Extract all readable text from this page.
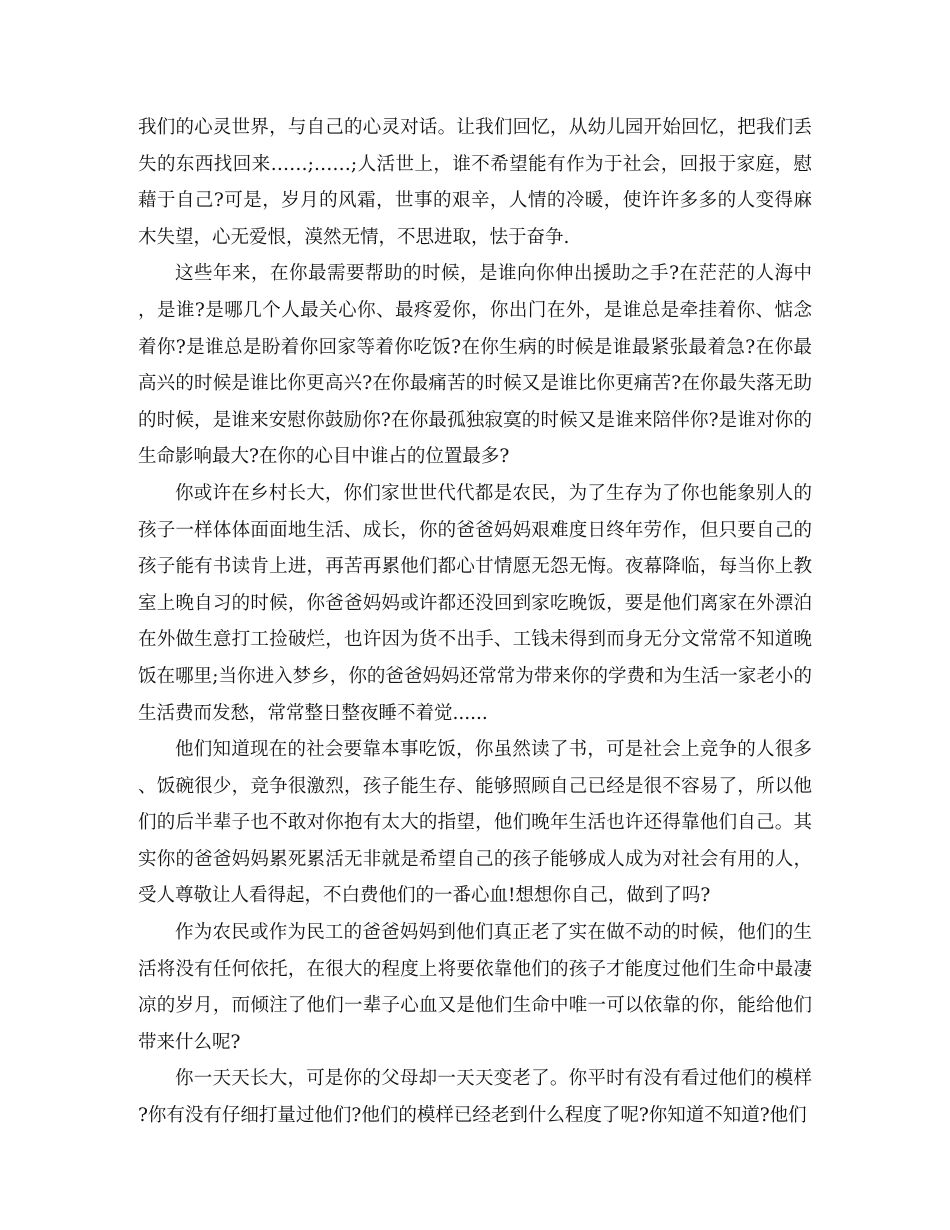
我们的心灵世界，与自己的心灵对话。让我们回忆，从幼儿园开始回忆，把我们丢失的东西找回来……;……;人活世上，谁不希望能有作为于社会，回报于家庭，慰藉于自己?可是，岁月的风霜，世事的艰辛，人情的冷暖，使许许多多的人变得麻木失望，心无爱恨，漠然无情，不思进取，怯于奋争.

这些年来，在你最需要帮助的时候，是谁向你伸出援助之手?在茫茫的人海中，是谁?是哪几个人最关心你、最疼爱你，你出门在外，是谁总是牵挂着你、惦念着你?是谁总是盼着你回家等着你吃饭?在你生病的时候是谁最紧张最着急?在你最高兴的时候是谁比你更高兴?在你最痛苦的时候又是谁比你更痛苦?在你最失落无助的时候，是谁来安慰你鼓励你?在你最孤独寂寞的时候又是谁来陪伴你?是谁对你的生命影响最大?在你的心目中谁占的位置最多?

你或许在乡村长大，你们家世世代代都是农民，为了生存为了你也能象别人的孩子一样体体面面地生活、成长，你的爸爸妈妈艰难度日终年劳作，但只要自己的孩子能有书读肯上进，再苦再累他们都心甘情愿无怨无悔。夜幕降临，每当你上教室上晚自习的时候，你爸爸妈妈或许都还没回到家吃晚饭，要是他们离家在外漂泊在外做生意打工捡破烂，也许因为货不出手、工钱未得到而身无分文常常不知道晚饭在哪里;当你进入梦乡，你的爸爸妈妈还常常为带来你的学费和为生活一家老小的生活费而发愁，常常整日整夜睡不着觉......

他们知道现在的社会要靠本事吃饭，你虽然读了书，可是社会上竞争的人很多、饭碗很少，竞争很激烈，孩子能生存、能够照顾自己已经是很不容易了，所以他们的后半辈子也不敢对你抱有太大的指望，他们晚年生活也许还得靠他们自己。其实你的爸爸妈妈累死累活无非就是希望自己的孩子能够成人成为对社会有用的人，受人尊敬让人看得起，不白费他们的一番心血!想想你自己，做到了吗?

作为农民或作为民工的爸爸妈妈到他们真正老了实在做不动的时候，他们的生活将没有任何依托，在很大的程度上将要依靠他们的孩子才能度过他们生命中最凄凉的岁月，而倾注了他们一辈子心血又是他们生命中唯一可以依靠的你，能给他们带来什么呢?

你一天天长大，可是你的父母却一天天变老了。你平时有没有看过他们的模样?你有没有仔细打量过他们?他们的模样已经老到什么程度了呢?你知道不知道?他们
